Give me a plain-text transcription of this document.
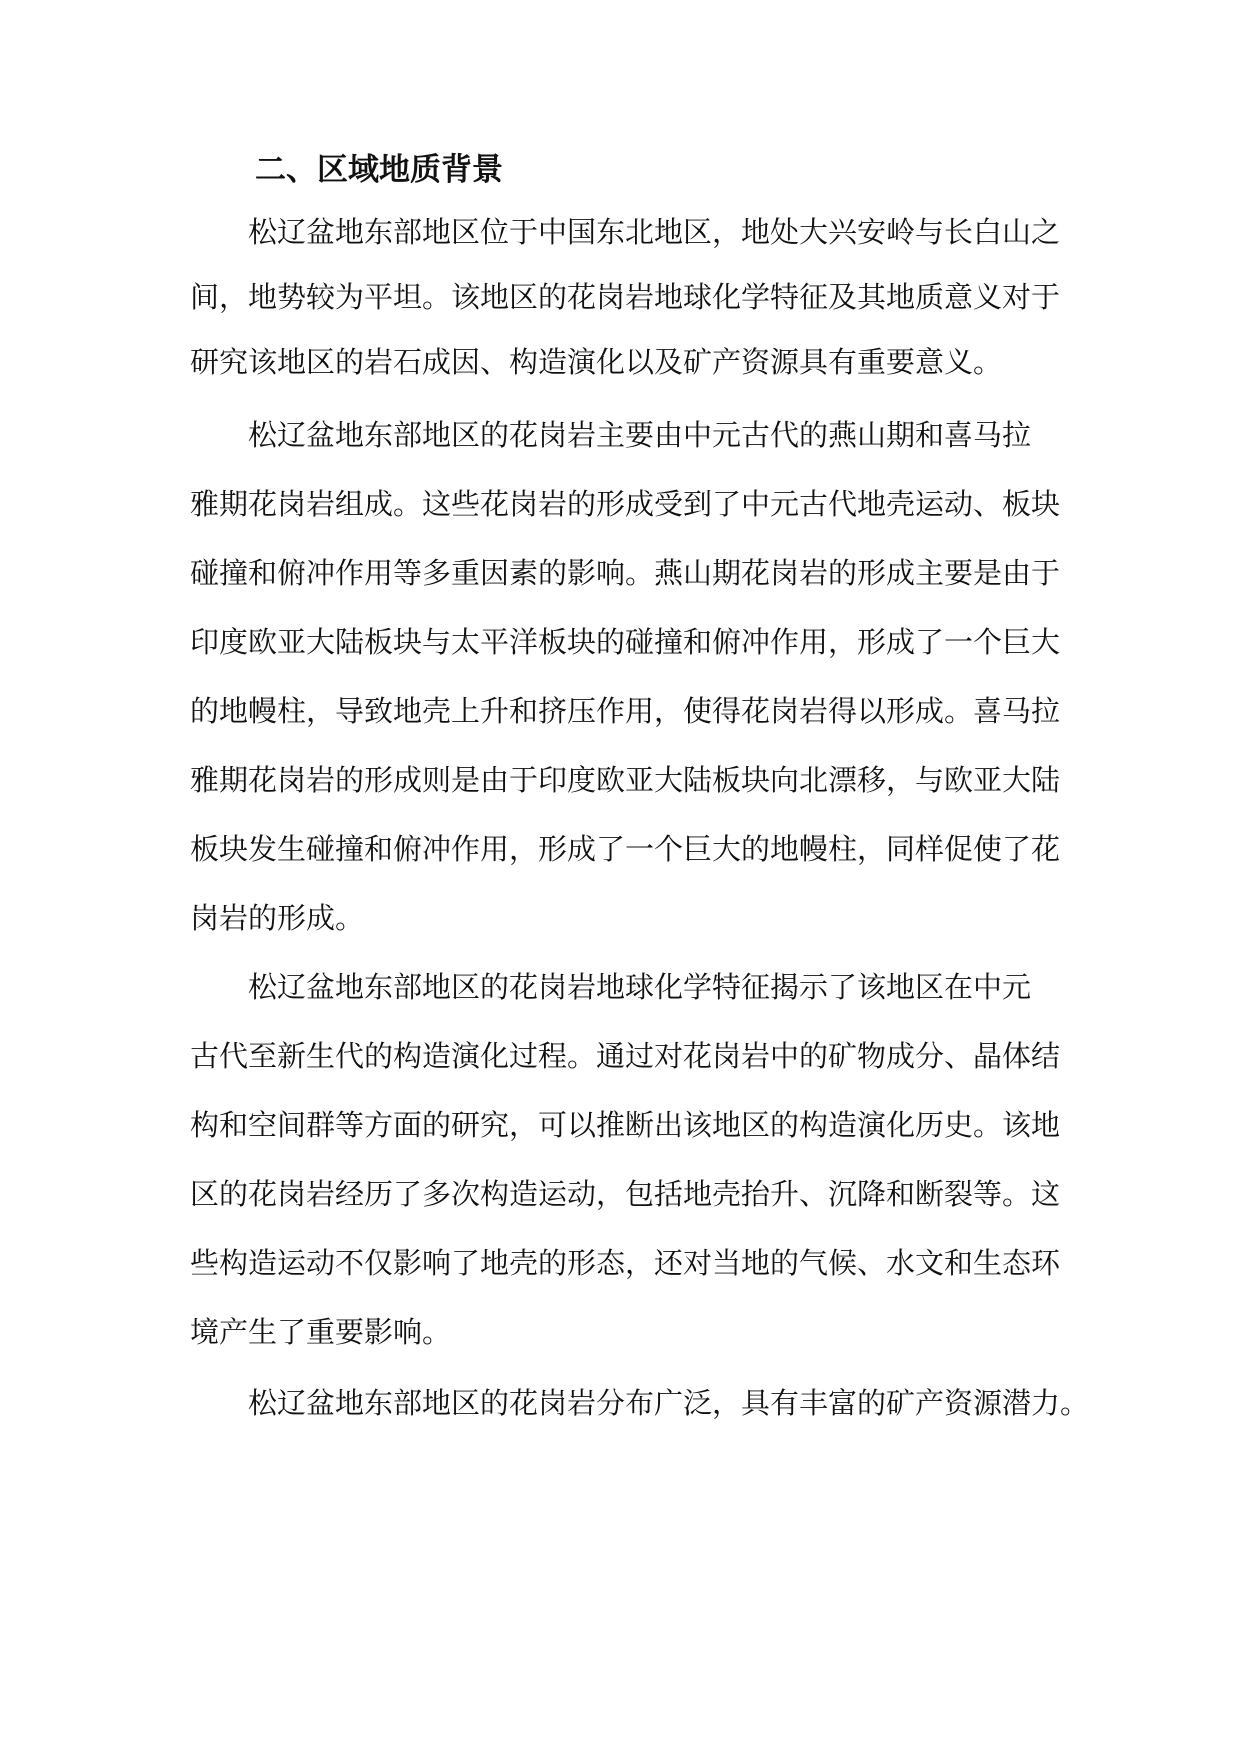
二、区域地质背景

松辽盆地东部地区位于中国东北地区，地处大兴安岭与长白山之

间，地势较为平坦。该地区的花岗岩地球化学特征及其地质意义对于

研究该地区的岩石成因、构造演化以及矿产资源具有重要意义。

松辽盆地东部地区的花岗岩主要由中元古代的燕山期和喜马拉

雅期花岗岩组成。这些花岗岩的形成受到了中元古代地壳运动、板块

碰撞和俯冲作用等多重因素的影响。燕山期花岗岩的形成主要是由于

印度欧亚大陆板块与太平洋板块的碰撞和俯冲作用，形成了一个巨大

的地幔柱，导致地壳上升和挤压作用，使得花岗岩得以形成。喜马拉

雅期花岗岩的形成则是由于印度欧亚大陆板块向北漂移，与欧亚大陆

板块发生碰撞和俯冲作用，形成了一个巨大的地幔柱，同样促使了花

岗岩的形成。

松辽盆地东部地区的花岗岩地球化学特征揭示了该地区在中元

古代至新生代的构造演化过程。通过对花岗岩中的矿物成分、晶体结

构和空间群等方面的研究，可以推断出该地区的构造演化历史。该地

区的花岗岩经历了多次构造运动，包括地壳抬升、沉降和断裂等。这

些构造运动不仅影响了地壳的形态，还对当地的气候、水文和生态环

境产生了重要影响。

松辽盆地东部地区的花岗岩分布广泛，具有丰富的矿产资源潜力。
